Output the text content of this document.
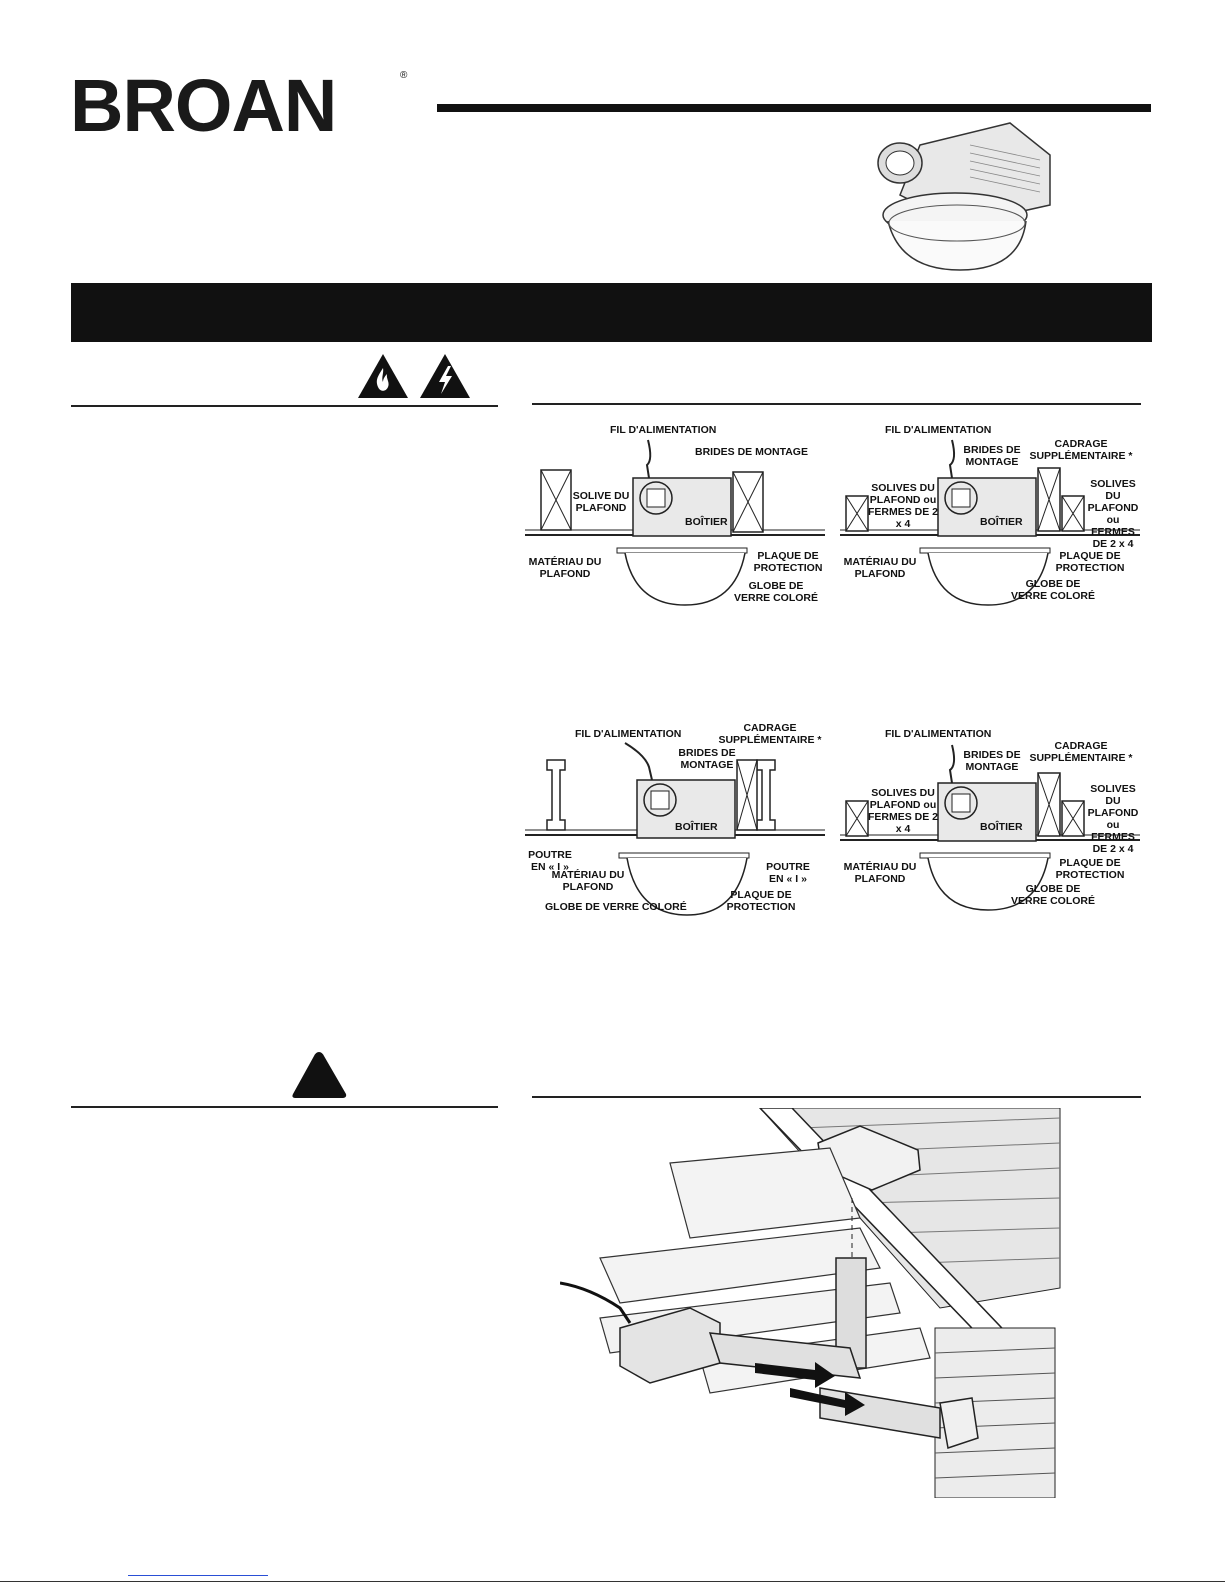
BROAN	®
FIL D'ALIMENTATION
BRIDES DE MONTAGE
SOLIVE DU PLAFOND
BOÎTIER
MATÉRIAU DU PLAFOND
PLAQUE DE PROTECTION
GLOBE DE VERRE COLORÉ
FIL D'ALIMENTATION
BRIDES DE MONTAGE
CADRAGE SUPPLÉMENTAIRE *
SOLIVES DU PLAFOND ou FERMES DE 2 x 4
SOLIVES DU PLAFOND ou FERMES DE 2 x 4
BOÎTIER
MATÉRIAU DU PLAFOND
PLAQUE DE PROTECTION
GLOBE DE VERRE COLORÉ
FIL D'ALIMENTATION	CADRAGE SUPPLÉMENTAIRE *
BRIDES DE MONTAGE
BOÎTIER
POUTRE EN « I »
MATÉRIAU DU PLAFOND
POUTRE EN « I »
GLOBE DE VERRE COLORÉ
PLAQUE DE PROTECTION
FIL D'ALIMENTATION
BRIDES DE MONTAGE
CADRAGE SUPPLÉMENTAIRE *
SOLIVES DU PLAFOND ou FERMES DE 2 x 4
SOLIVES DU PLAFOND ou FERMES DE 2 x 4
BOÎTIER
MATÉRIAU DU PLAFOND
PLAQUE DE PROTECTION
GLOBE DE VERRE COLORÉ
